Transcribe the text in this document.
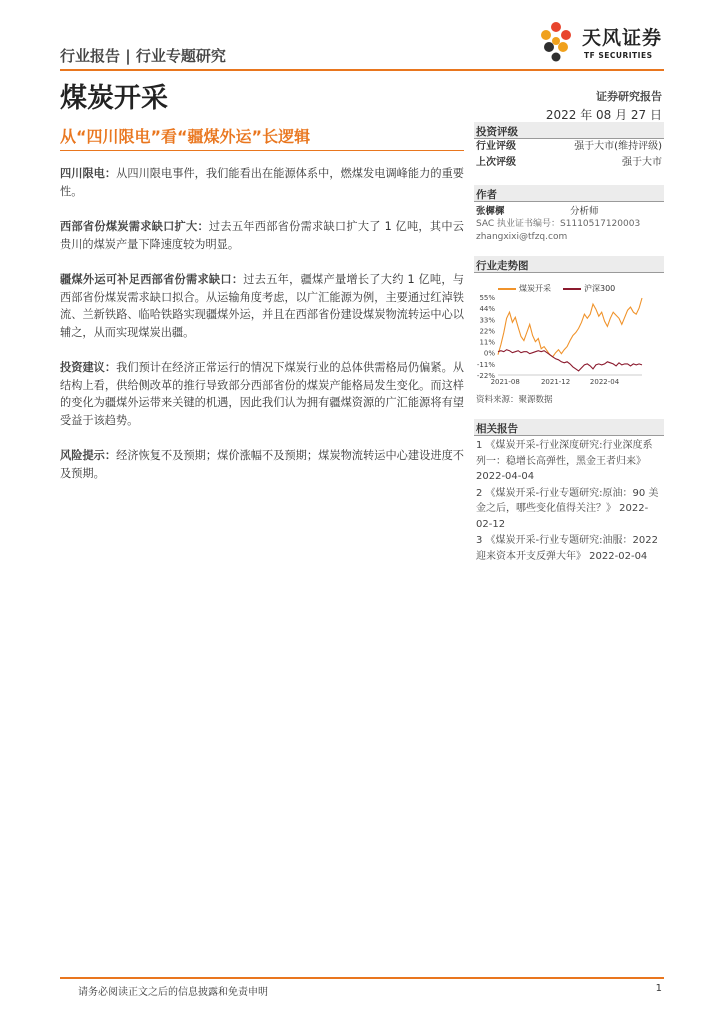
行业报告 | 行业专题研究
天风证券
TF SECURITIES
煤炭开采	证券研究报告
2022 年 08 月 27 日
从“四川限电”看“疆煤外运”长逻辑

四川限电：从四川限电事件，我们能看出在能源体系中，燃煤发电调峰能力的重要性。

西部省份煤炭需求缺口扩大：过去五年西部省份需求缺口扩大了 1 亿吨，其中云贵川的煤炭产量下降速度较为明显。

疆煤外运可补足西部省份需求缺口：过去五年，疆煤产量增长了大约 1 亿吨，与西部省份煤炭需求缺口拟合。从运输角度考虑，以广汇能源为例，主要通过红淖铁流、兰新铁路、临哈铁路实现疆煤外运，并且在西部省份建设煤炭物流转运中心以辅之，从而实现煤炭出疆。

投资建议：我们预计在经济正常运行的情况下煤炭行业的总体供需格局仍偏紧。从结构上看，供给侧改革的推行导致部分西部省份的煤炭产能格局发生变化。而这样的变化为疆煤外运带来关键的机遇，因此我们认为拥有疆煤资源的广汇能源将有望受益于该趋势。

风险提示：经济恢复不及预期；煤价涨幅不及预期；煤炭物流转运中心建设进度不及预期。

投资评级
行业评级	强于大市(维持评级)
上次评级	强于大市
作者
张樨樨	分析师
SAC 执业证书编号：S1110517120003
zhangxixi@tfzq.com
行业走势图
55%
44%
33%
22%
11%
0%
-11%
-22%
2021-08	2021-12	2022-04
煤炭开采	沪深300
资料来源：聚源数据
相关报告
1 《煤炭开采-行业深度研究:行业深度系列一：稳增长高弹性，黑金王者归来》 2022-04-04
2 《煤炭开采-行业专题研究:原油：90 美金之后，哪些变化值得关注？》 2022-02-12
3 《煤炭开采-行业专题研究:油服：2022 迎来资本开支反弹大年》 2022-02-04
请务必阅读正文之后的信息披露和免责申明	1
